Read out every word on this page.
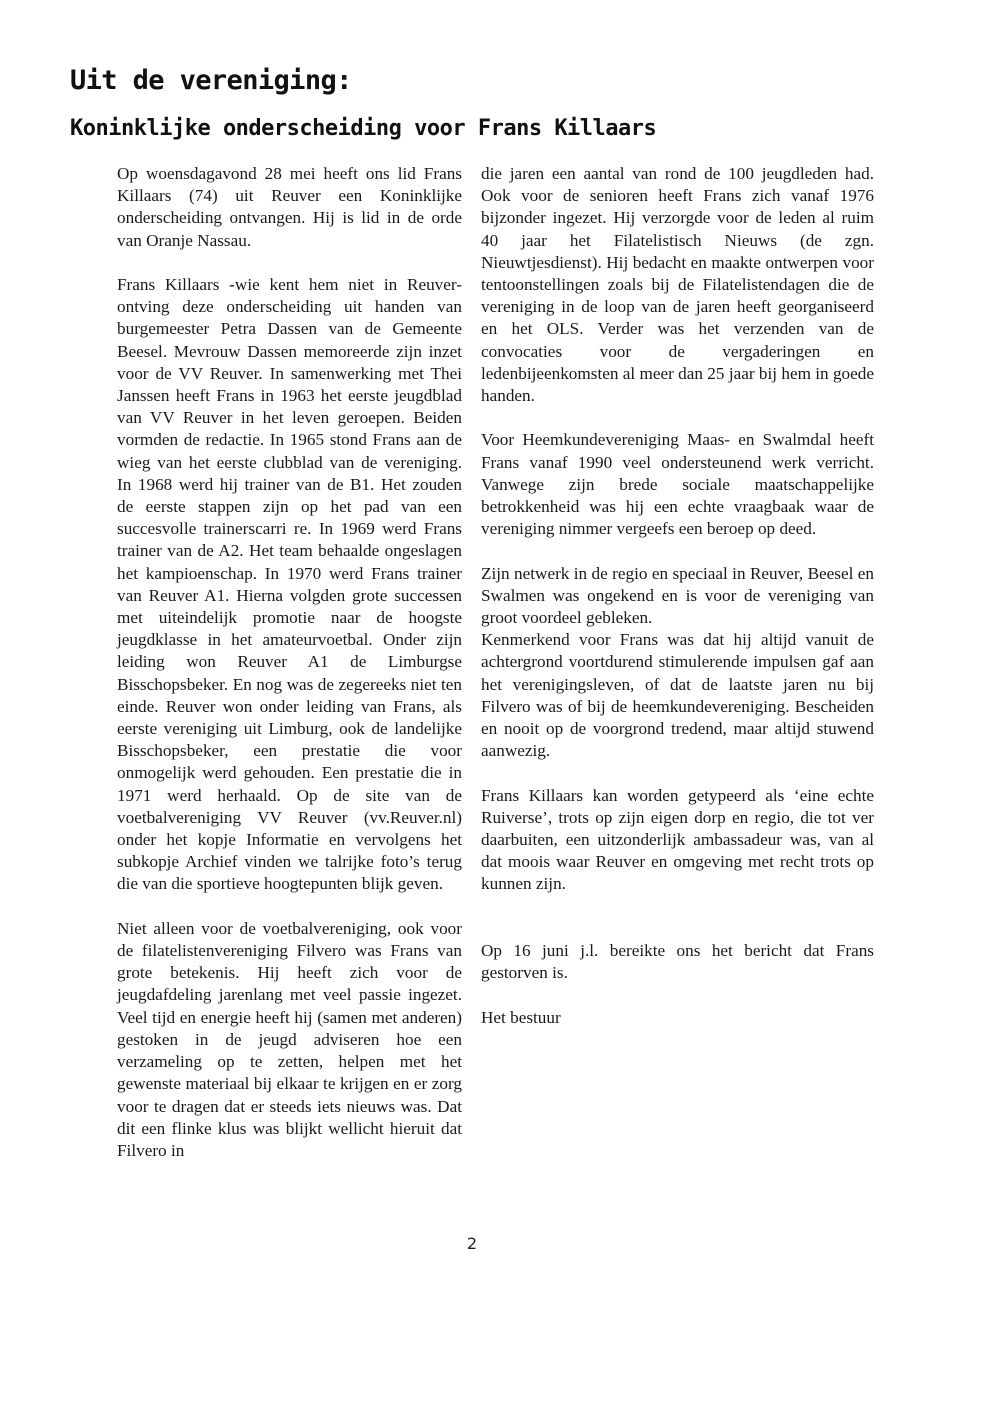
Uit de vereniging:
Koninklijke onderscheiding voor Frans Killaars

Op woensdagavond 28 mei heeft ons lid Frans Killaars (74) uit Reuver een Koninklijke onderscheiding ontvangen. Hij is lid in de orde van Oranje Nassau.

Frans Killaars -wie kent hem niet in Reuver- ontving deze onderscheiding uit handen van burgemeester Petra Dassen van de Gemeente Beesel. Mevrouw Dassen memoreerde zijn inzet voor de VV Reuver. In samenwerking met Thei Janssen heeft Frans in 1963 het eerste jeugdblad van VV Reuver in het leven geroepen. Beiden vormden de redactie. In 1965 stond Frans aan de wieg van het eerste clubblad van de vereniging. In 1968 werd hij trainer van de B1. Het zouden de eerste stappen zijn op het pad van een succesvolle trainerscarri re. In 1969 werd Frans trainer van de A2. Het team behaalde ongeslagen het kampioenschap. In 1970 werd Frans trainer van Reuver A1. Hierna volgden grote successen met uiteindelijk promotie naar de hoogste jeugdklasse in het amateurvoetbal. Onder zijn leiding won Reuver A1 de Limburgse Bisschopsbeker. En nog was de zegereeks niet ten einde. Reuver won onder leiding van Frans, als eerste vereniging uit Limburg, ook de landelijke Bisschopsbeker, een prestatie die voor onmogelijk werd gehouden. Een prestatie die in 1971 werd herhaald. Op de site van de voetbalvereniging VV Reuver (vv.Reuver.nl) onder het kopje Informatie en vervolgens het subkopje Archief vinden we talrijke foto’s terug die van die sportieve hoogtepunten blijk geven.

Niet alleen voor de voetbalvereniging, ook voor de filatelistenvereniging Filvero was Frans van grote betekenis. Hij heeft zich voor de jeugdafdeling jarenlang met veel passie ingezet. Veel tijd en energie heeft hij (samen met anderen) gestoken in de jeugd adviseren hoe een verzameling op te zetten, helpen met het gewenste materiaal bij elkaar te krijgen en er zorg voor te dragen dat er steeds iets nieuws was. Dat dit een flinke klus was blijkt wellicht hieruit dat Filvero in

die jaren een aantal van rond de 100 jeugdleden had. Ook voor de senioren heeft Frans zich vanaf 1976 bijzonder ingezet. Hij verzorgde voor de leden al ruim 40 jaar het Filatelistisch Nieuws (de zgn. Nieuwtjesdienst). Hij bedacht en maakte ontwerpen voor tentoonstellingen zoals bij de Filatelistendagen die de vereniging in de loop van de jaren heeft georganiseerd en het OLS. Verder was het verzenden van de convocaties voor de vergaderingen en ledenbijeenkomsten al meer dan 25 jaar bij hem in goede handen.

Voor Heemkundevereniging Maas- en Swalmdal heeft Frans vanaf 1990 veel ondersteunend werk verricht. Vanwege zijn brede sociale maatschappelijke betrokkenheid was hij een echte vraagbaak waar de vereniging nimmer vergeefs een beroep op deed.

Zijn netwerk in de regio en speciaal in Reuver, Beesel en Swalmen was ongekend en is voor de vereniging van groot voordeel gebleken.

Kenmerkend voor Frans was dat hij altijd vanuit de achtergrond voortdurend stimulerende impulsen gaf aan het verenigingsleven, of dat de laatste jaren nu bij Filvero was of bij de heemkundevereniging. Bescheiden en nooit op de voorgrond tredend, maar altijd stuwend aanwezig.

Frans Killaars kan worden getypeerd als ‘eine echte Ruiverse’, trots op zijn eigen dorp en regio, die tot ver daarbuiten, een uitzonderlijk ambassadeur was, van al dat moois waar Reuver en omgeving met recht trots op kunnen zijn.

Op 16 juni j.l. bereikte ons het bericht dat Frans gestorven is.

Het bestuur

2
